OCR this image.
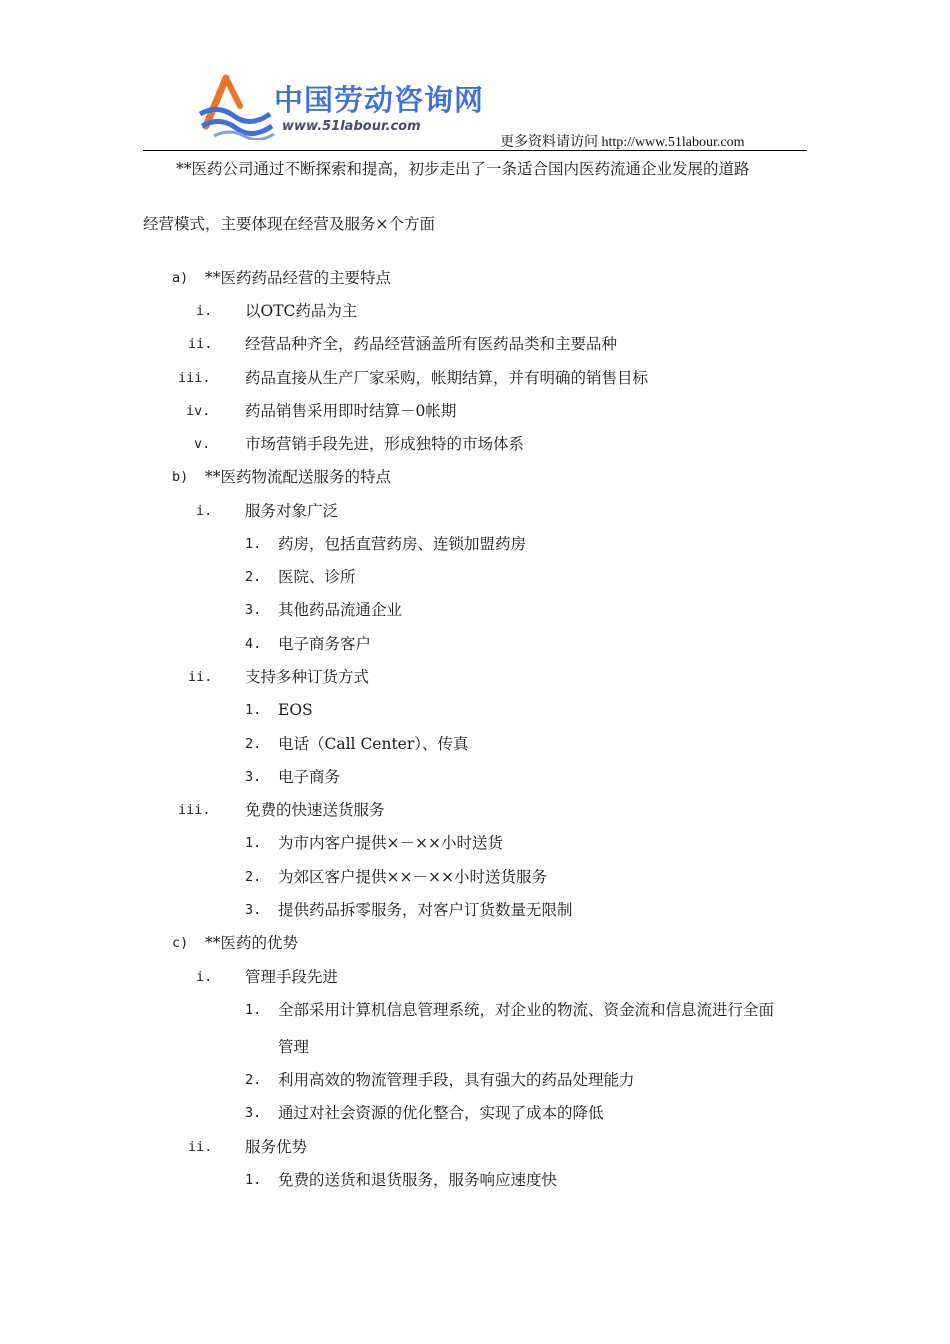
中国劳动咨询网
www.51labour.com
更多资料请访问 http://www.51labour.com
**医药公司通过不断探索和提高，初步走出了一条适合国内医药流通企业发展的道路
经营模式，主要体现在经营及服务×个方面
a) **医药药品经营的主要特点
i. 以OTC药品为主
ii. 经营品种齐全，药品经营涵盖所有医药品类和主要品种
iii. 药品直接从生产厂家采购，帐期结算，并有明确的销售目标
iv. 药品销售采用即时结算－0帐期
v. 市场营销手段先进，形成独特的市场体系
b) **医药物流配送服务的特点
i. 服务对象广泛
1. 药房，包括直营药房、连锁加盟药房
2. 医院、诊所
3. 其他药品流通企业
4. 电子商务客户
ii. 支持多种订货方式
1. EOS
2. 电话（Call Center）、传真
3. 电子商务
iii. 免费的快速送货服务
1. 为市内客户提供×－××小时送货
2. 为郊区客户提供××－××小时送货服务
3. 提供药品拆零服务，对客户订货数量无限制
c) **医药的优势
i. 管理手段先进
1. 全部采用计算机信息管理系统，对企业的物流、资金流和信息流进行全面
管理
2. 利用高效的物流管理手段，具有强大的药品处理能力
3. 通过对社会资源的优化整合，实现了成本的降低
ii. 服务优势
1. 免费的送货和退货服务，服务响应速度快
